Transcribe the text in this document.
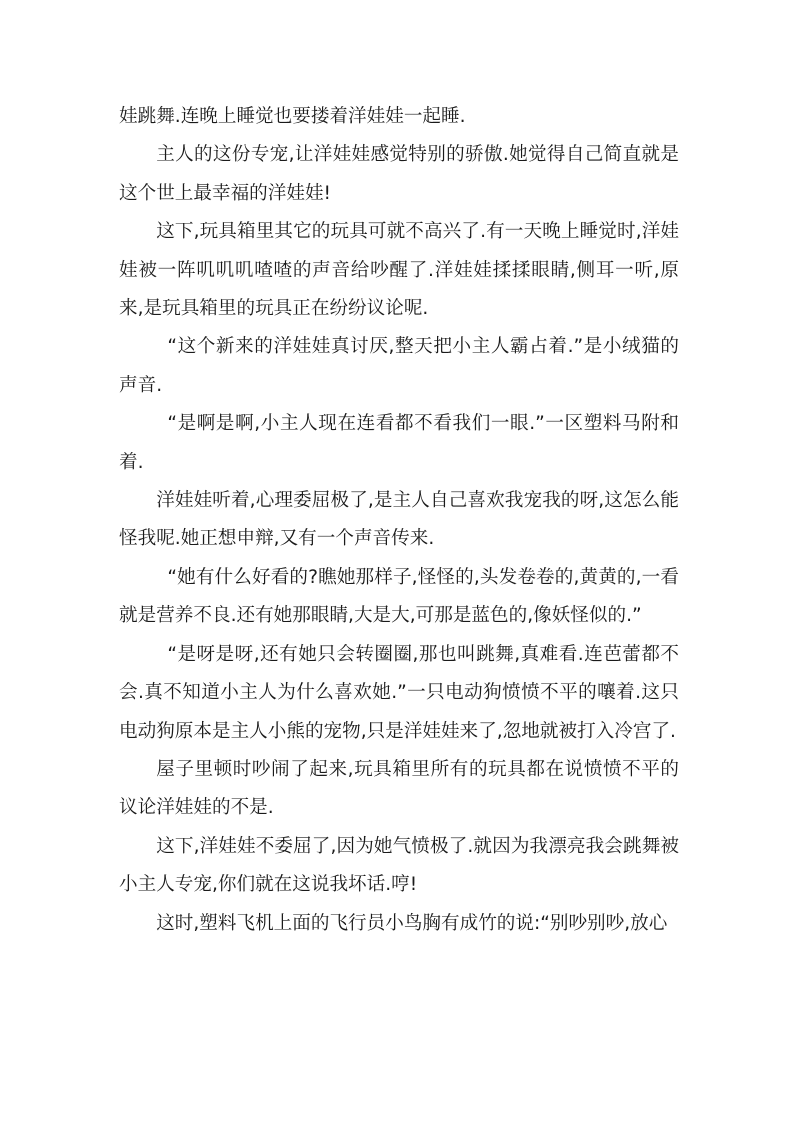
娃跳舞.连晚上睡觉也要搂着洋娃娃一起睡.

主人的这份专宠,让洋娃娃感觉特别的骄傲.她觉得自己简直就是这个世上最幸福的洋娃娃!

这下,玩具箱里其它的玩具可就不高兴了.有一天晚上睡觉时,洋娃娃被一阵叽叽叽喳喳的声音给吵醒了.洋娃娃揉揉眼睛,侧耳一听,原来,是玩具箱里的玩具正在纷纷议论呢.

“这个新来的洋娃娃真讨厌,整天把小主人霸占着.”是小绒猫的声音.

“是啊是啊,小主人现在连看都不看我们一眼.”一区塑料马附和着.

洋娃娃听着,心理委屈极了,是主人自己喜欢我宠我的呀,这怎么能怪我呢.她正想申辩,又有一个声音传来.

“她有什么好看的?瞧她那样子,怪怪的,头发卷卷的,黄黄的,一看就是营养不良.还有她那眼睛,大是大,可那是蓝色的,像妖怪似的.”

“是呀是呀,还有她只会转圈圈,那也叫跳舞,真难看.连芭蕾都不会.真不知道小主人为什么喜欢她.”一只电动狗愤愤不平的嚷着.这只电动狗原本是主人小熊的宠物,只是洋娃娃来了,忽地就被打入冷宫了.

屋子里顿时吵闹了起来,玩具箱里所有的玩具都在说愤愤不平的议论洋娃娃的不是.

这下,洋娃娃不委屈了,因为她气愤极了.就因为我漂亮我会跳舞被小主人专宠,你们就在这说我坏话.哼!

这时,塑料飞机上面的飞行员小鸟胸有成竹的说:“别吵别吵,放心
